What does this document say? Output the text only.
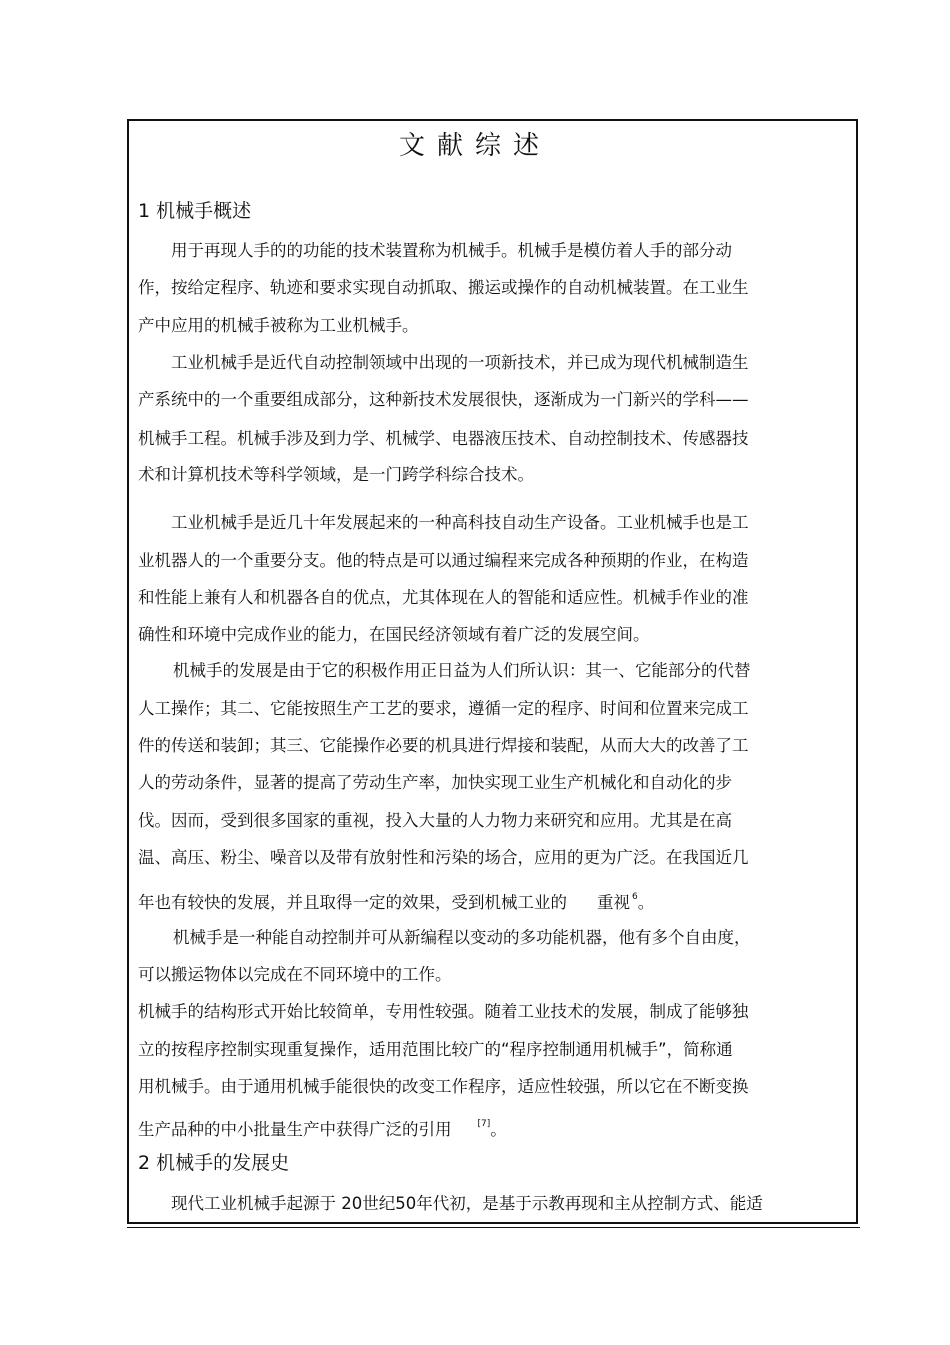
文献综述
1 机械手概述
用于再现人手的的功能的技术装置称为机械手。机械手是模仿着人手的部分动
作，按给定程序、轨迹和要求实现自动抓取、搬运或操作的自动机械装置。在工业生
产中应用的机械手被称为工业机械手。
工业机械手是近代自动控制领域中出现的一项新技术，并已成为现代机械制造生
产系统中的一个重要组成部分，这种新技术发展很快，逐渐成为一门新兴的学科——
机械手工程。机械手涉及到力学、机械学、电器液压技术、自动控制技术、传感器技
术和计算机技术等科学领域，是一门跨学科综合技术。
工业机械手是近几十年发展起来的一种高科技自动生产设备。工业机械手也是工
业机器人的一个重要分支。他的特点是可以通过编程来完成各种预期的作业，在构造
和性能上兼有人和机器各自的优点，尤其体现在人的智能和适应性。机械手作业的准
确性和环境中完成作业的能力，在国民经济领域有着广泛的发展空间。
机械手的发展是由于它的积极作用正日益为人们所认识：其一、它能部分的代替
人工操作；其二、它能按照生产工艺的要求，遵循一定的程序、时间和位置来完成工
件的传送和装卸；其三、它能操作必要的机具进行焊接和装配，从而大大的改善了工
人的劳动条件，显著的提高了劳动生产率，加快实现工业生产机械化和自动化的步
伐。因而，受到很多国家的重视，投入大量的人力物力来研究和应用。尤其是在高
温、高压、粉尘、噪音以及带有放射性和污染的场合，应用的更为广泛。在我国近几
年也有较快的发展，并且取得一定的效果，受到机械工业的 重视 $^6$。
机械手是一种能自动控制并可从新编程以变动的多功能机器，他有多个自由度，
可以搬运物体以完成在不同环境中的工作。
机械手的结构形式开始比较简单，专用性较强。随着工业技术的发展，制成了能够独
立的按程序控制实现重复操作，适用范围比较广的“程序控制通用机械手”，简称通
用机械手。由于通用机械手能很快的改变工作程序，适应性较强，所以它在不断变换
生产品种的中小批量生产中获得广泛的引用	[7]。
2 机械手的发展史
现代工业机械手起源于 20世纪50年代初，是基于示教再现和主从控制方式、能适
